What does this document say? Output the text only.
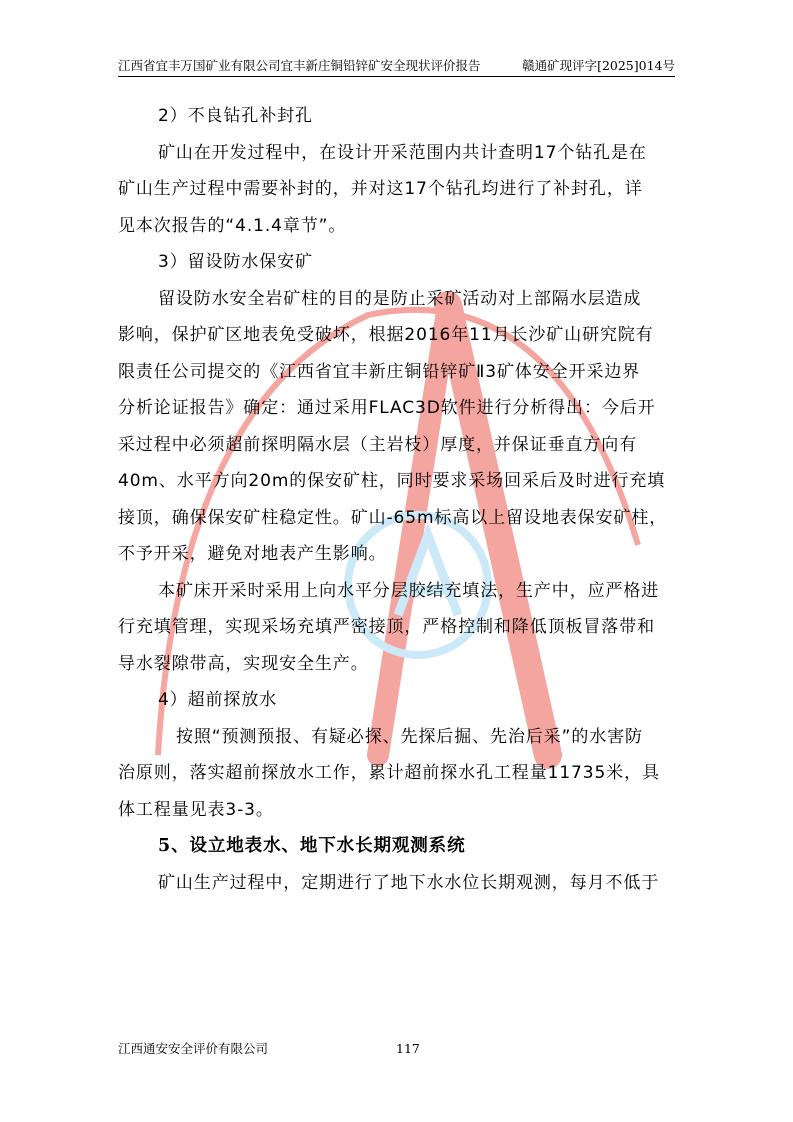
江西省宜丰万国矿业有限公司宜丰新庄铜铅锌矿安全现状评价报告	赣通矿现评字[2025]014号
2）不良钻孔补封孔
矿山在开发过程中，在设计开采范围内共计查明17个钻孔是在
矿山生产过程中需要补封的，并对这17个钻孔均进行了补封孔，详
见本次报告的“4.1.4章节”。
3）留设防水保安矿
留设防水安全岩矿柱的目的是防止采矿活动对上部隔水层造成
影响，保护矿区地表免受破坏，根据2016年11月长沙矿山研究院有
限责任公司提交的《江西省宜丰新庄铜铅锌矿Ⅱ3矿体安全开采边界
分析论证报告》确定：通过采用FLAC3D软件进行分析得出：今后开
采过程中必须超前探明隔水层（主岩枝）厚度，并保证垂直方向有
40m、水平方向20m的保安矿柱，同时要求采场回采后及时进行充填
接顶，确保保安矿柱稳定性。矿山-65m标高以上留设地表保安矿柱，
不予开采，避免对地表产生影响。
本矿床开采时采用上向水平分层胶结充填法，生产中，应严格进
行充填管理，实现采场充填严密接顶，严格控制和降低顶板冒落带和
导水裂隙带高，实现安全生产。
4）超前探放水
按照“预测预报、有疑必探、先探后掘、先治后采”的水害防
治原则，落实超前探放水工作，累计超前探水孔工程量11735米，具
体工程量见表3-3。
5、设立地表水、地下水长期观测系统
矿山生产过程中，定期进行了地下水水位长期观测，每月不低于
江西通安安全评价有限公司	117
